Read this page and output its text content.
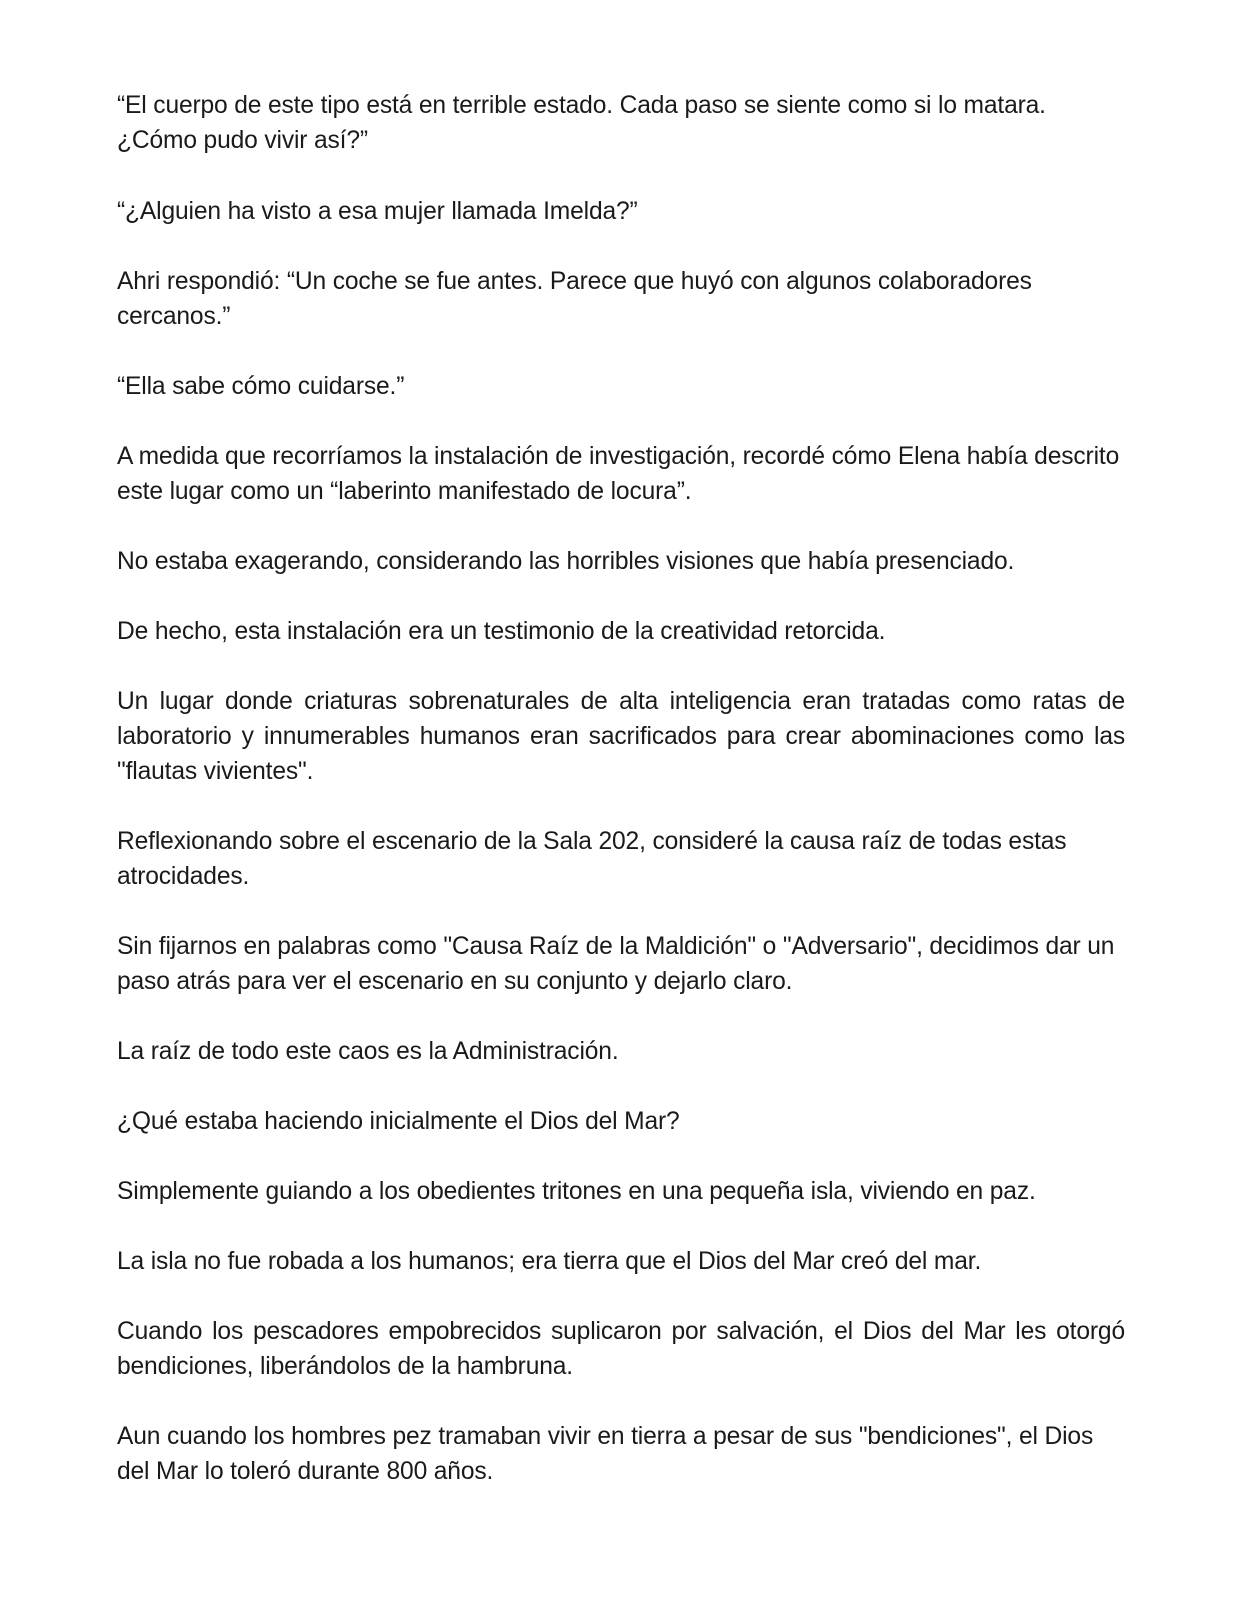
“El cuerpo de este tipo está en terrible estado. Cada paso se siente como si lo matara. ¿Cómo pudo vivir así?”

“¿Alguien ha visto a esa mujer llamada Imelda?”

Ahri respondió: “Un coche se fue antes. Parece que huyó con algunos colaboradores cercanos.”

“Ella sabe cómo cuidarse.”

A medida que recorríamos la instalación de investigación, recordé cómo Elena había descrito este lugar como un “laberinto manifestado de locura”.

No estaba exagerando, considerando las horribles visiones que había presenciado.

De hecho, esta instalación era un testimonio de la creatividad retorcida.

Un lugar donde criaturas sobrenaturales de alta inteligencia eran tratadas como ratas de laboratorio y innumerables humanos eran sacrificados para crear abominaciones como las "flautas vivientes".

Reflexionando sobre el escenario de la Sala 202, consideré la causa raíz de todas estas atrocidades.

Sin fijarnos en palabras como "Causa Raíz de la Maldición" o "Adversario", decidimos dar un paso atrás para ver el escenario en su conjunto y dejarlo claro.

La raíz de todo este caos es la Administración.

¿Qué estaba haciendo inicialmente el Dios del Mar?

Simplemente guiando a los obedientes tritones en una pequeña isla, viviendo en paz.

La isla no fue robada a los humanos; era tierra que el Dios del Mar creó del mar.

Cuando los pescadores empobrecidos suplicaron por salvación, el Dios del Mar les otorgó bendiciones, liberándolos de la hambruna.

Aun cuando los hombres pez tramaban vivir en tierra a pesar de sus "bendiciones", el Dios del Mar lo toleró durante 800 años.
